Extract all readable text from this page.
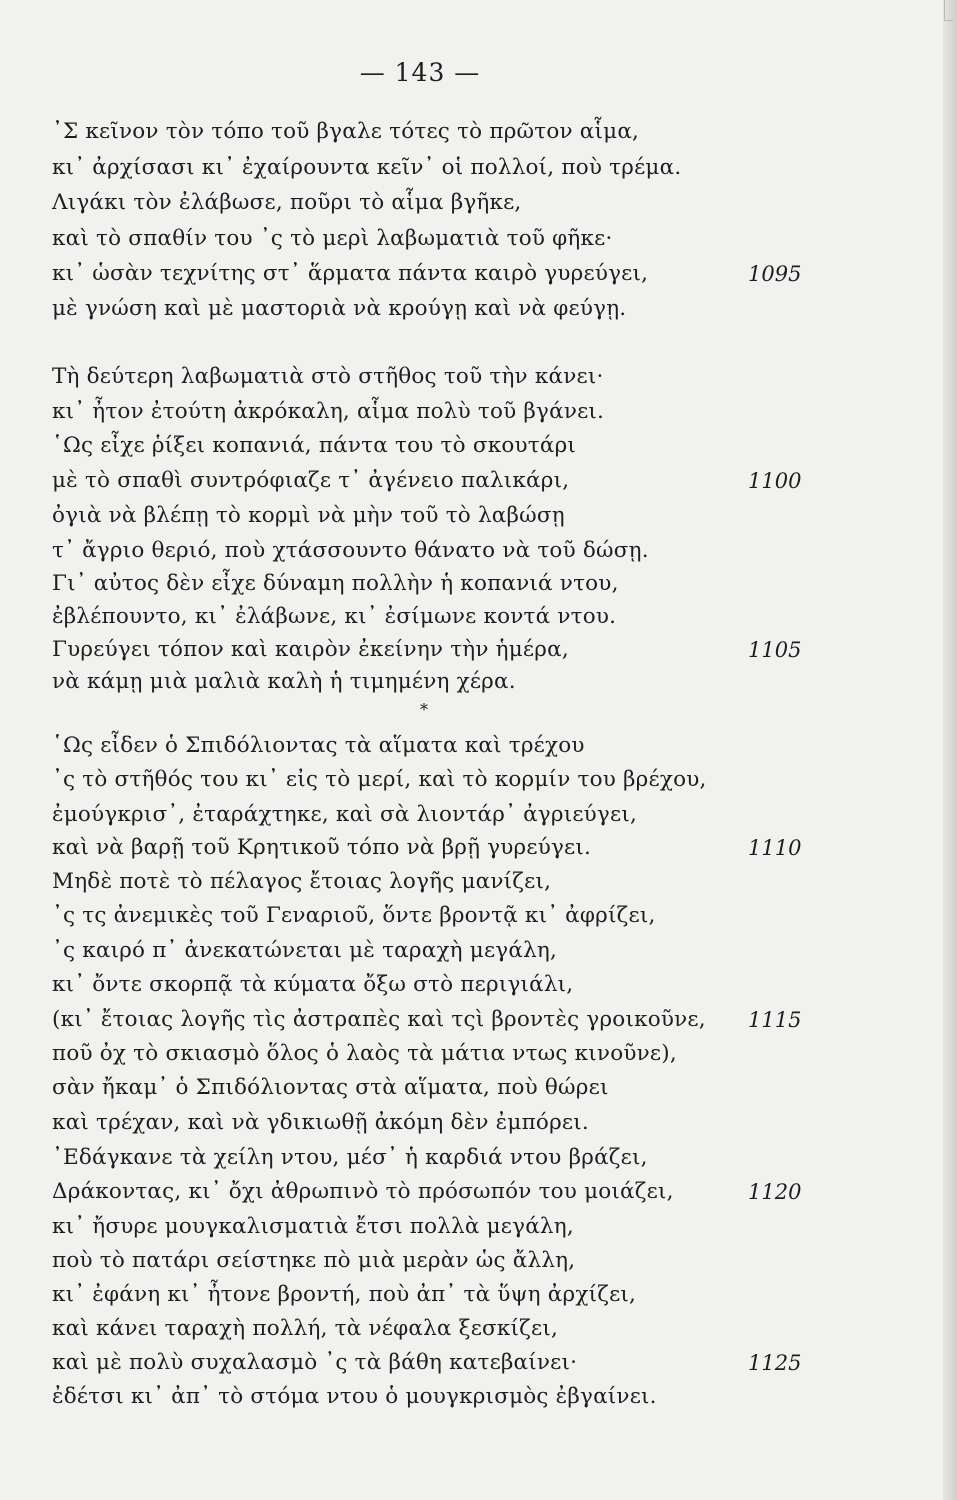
— 143 —
᾿Σ κεῖνον τὸν τόπο τοῦ βγαλε τότες τὸ πρῶτον αἷμα,
κι᾿ ἀρχίσασι κι᾿ ἐχαίρουντα κεῖν᾿ οἱ πολλοί, ποὺ τρέμα.
Λιγάκι τὸν ἐλάβωσε, ποῦρι τὸ αἷμα βγῆκε,
καὶ τὸ σπαθίν του ᾿ς τὸ μερὶ λαβωματιὰ τοῦ φῆκε·
κι᾿ ὡσὰν τεχνίτης στ᾿ ἅρματα πάντα καιρὸ γυρεύγει,
μὲ γνώση καὶ μὲ μαστοριὰ νὰ κρούγῃ καὶ νὰ φεύγῃ.
Τὴ δεύτερη λαβωματιὰ στὸ στῆθος τοῦ τὴν κάνει·
κι᾿ ἦτον ἐτούτη ἀκρόκαλη, αἷμα πολὺ τοῦ βγάνει.
῾Ως εἶχε ῥίξει κοπανιά, πάντα του τὸ σκουτάρι
μὲ τὸ σπαθὶ συντρόφιαζε τ᾿ ἀγένειο παλικάρι,
ὀγιὰ νὰ βλέπῃ τὸ κορμὶ νὰ μὴν τοῦ τὸ λαβώσῃ
τ᾿ ἄγριο θεριό, ποὺ χτάσσουντο θάνατο νὰ τοῦ δώσῃ.
Γι᾿ αὐτος δὲν εἶχε δύναμη πολλὴν ἡ κοπανιά ντου,
ἐβλέπουντο, κι᾿ ἐλάβωνε, κι᾿ ἐσίμωνε κοντά ντου.
Γυρεύγει τόπον καὶ καιρὸν ἐκείνην τὴν ἡμέρα,
νὰ κάμῃ μιὰ μαλιὰ καλὴ ἡ τιμημένη χέρα.
*
῾Ως εἶδεν ὁ Σπιδόλιοντας τὰ αἵματα καὶ τρέχου
᾿ς τὸ στῆθός του κι᾿ εἰς τὸ μερί, καὶ τὸ κορμίν του βρέχου,
ἐμούγκρισ᾿, ἐταράχτηκε, καὶ σὰ λιοντάρ᾿ ἀγριεύγει,
καὶ νὰ βαρῇ τοῦ Κρητικοῦ τόπο νὰ βρῇ γυρεύγει.
Μηδὲ ποτὲ τὸ πέλαγος ἔτοιας λογῆς μανίζει,
᾿ς τς ἀνεμικὲς τοῦ Γεναριοῦ, ὅντε βροντᾷ κι᾿ ἀφρίζει,
᾿ς καιρό π᾿ ἀνεκατώνεται μὲ ταραχὴ μεγάλη,
κι᾿ ὄντε σκορπᾷ τὰ κύματα ὄξω στὸ περιγιάλι,
(κι᾿ ἔτοιας λογῆς τὶς ἀστραπὲς καὶ τςὶ βροντὲς γροικοῦνε,
ποῦ ὀχ τὸ σκιασμὸ ὅλος ὁ λαὸς τὰ μάτια ντως κινοῦνε),
σὰν ἤκαμ᾿ ὁ Σπιδόλιοντας στὰ αἵματα, ποὺ θώρει
καὶ τρέχαν, καὶ νὰ γδικιωθῇ ἀκόμη δὲν ἐμπόρει.
᾿Εδάγκανε τὰ χείλη ντου, μέσ᾿ ἡ καρδιά ντου βράζει,
Δράκοντας, κι᾿ ὄχι ἀθρωπινὸ τὸ πρόσωπόν του μοιάζει,
κι᾿ ἤσυρε μουγκαλισματιὰ ἔτσι πολλὰ μεγάλη,
ποὺ τὸ πατάρι σείστηκε πὸ μιὰ μερὰν ὡς ἄλλη,
κι᾿ ἐφάνη κι᾿ ἦτονε βροντή, ποὺ ἀπ᾿ τὰ ὕψη ἀρχίζει,
καὶ κάνει ταραχὴ πολλή, τὰ νέφαλα ξεσκίζει,
καὶ μὲ πολὺ συχαλασμὸ ᾿ς τὰ βάθη κατεβαίνει·
ἐδέτσι κι᾿ ἀπ᾿ τὸ στόμα ντου ὁ μουγκρισμὸς ἐβγαίνει.
1095
1100
1105
1110
1115
1120
1125
